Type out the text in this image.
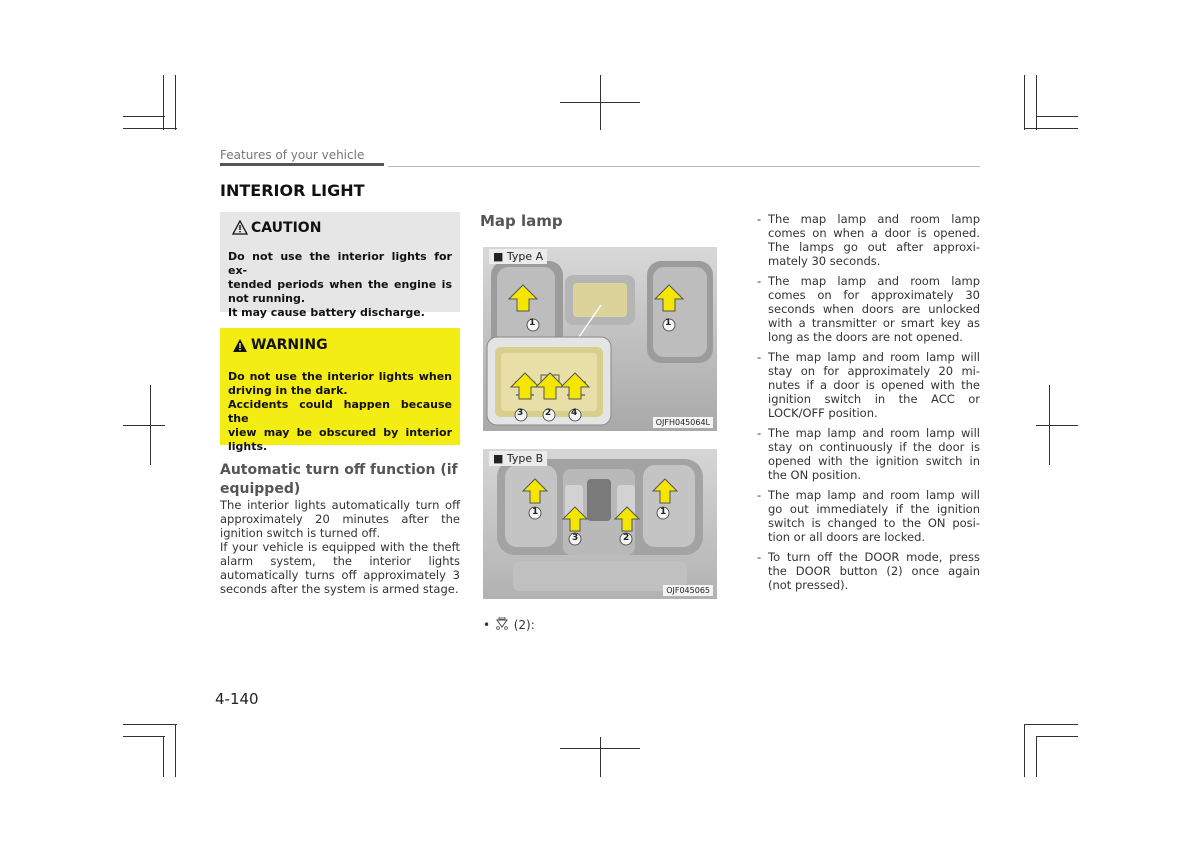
Features of your vehicle
INTERIOR LIGHT
CAUTION
Do not use the interior lights for ex-
tended periods when the engine is
not running.
It may cause battery discharge.
WARNING
Do not use the interior lights when
driving in the dark.
Accidents could happen because the
view may be obscured by interior
lights.
Automatic turn off function (if equipped)

The interior lights automatically turn off approximately 20 minutes after the ignition switch is turned off.

If your vehicle is equipped with the theft alarm system, the interior lights automatically turns off approximately 3 seconds after the system is armed stage.

Map lamp
■ Type A
1	1
3 2 4
OJFH045064L
■ Type B
1	1
3	2
OJF045065
•  (2):
- The map lamp and room lamp comes on when a door is opened. The lamps go out after approxi-mately 30 seconds.
- The map lamp and room lamp comes on for approximately 30 seconds when doors are unlocked with a transmitter or smart key as long as the doors are not opened.
- The map lamp and room lamp will stay on for approximately 20 mi-nutes if a door is opened with the ignition switch in the ACC or LOCK/OFF position.
- The map lamp and room lamp will stay on continuously if the door is opened with the ignition switch in the ON position.
- The map lamp and room lamp will go out immediately if the ignition switch is changed to the ON posi-tion or all doors are locked.
- To turn off the DOOR mode, press the DOOR button (2) once again (not pressed).
4-140
